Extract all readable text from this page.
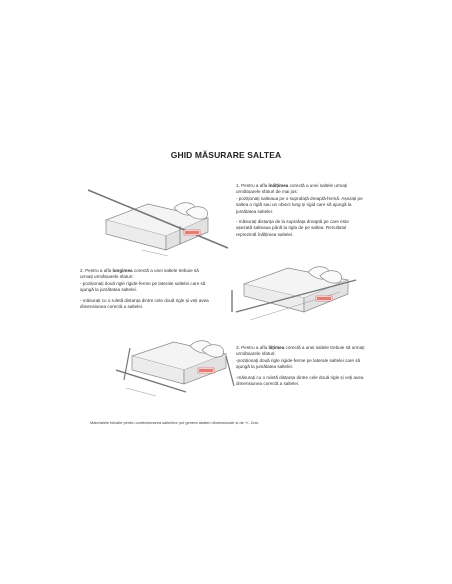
GHID MĂSURARE SALTEA

1. Pentru a afla înălțimea corectă a unei saltele urmați următoarele sfaturi de mai jos:
- poziționați salteaua pe o suprafață dreaptă-fermă. Așezați pe saltea o riglă sau un obiect lung și rigid care să ajungă la jumătatea saltelei.

- măsurați distanța de la suprafața dreaptă pe care este așezată salteaua până la rigla de pe saltea. Rezultatul reprezintă înălțimea saltelei.

2. Pentru a afla lungimea corectă a unei saltele trebuie să urmați următoarele sfaturi:
- poziționați două rigle rigide-ferme pe laterale saltelei care să ajungă la jumătatea saltelei.

- măsurați cu o ruletă distanța dintre cele două rigle și veți avea dimensiunea corectă a saltelei.

3. Pentru a afla lățimea corectă a unei saltele trebuie să urmați următoarele sfaturi:
-poziționați două rigle rigide-ferme pe laterale saltelei care să ajungă la jumătatea saltelei.

-măsurați cu o ruletă distanța dintre cele două rigle și veți avea dimensiunea corectă a saltelei.

Materialele folosite pentru confecționarea saltelelor pot genera abateri dimensionale și de +/- 2cm.
